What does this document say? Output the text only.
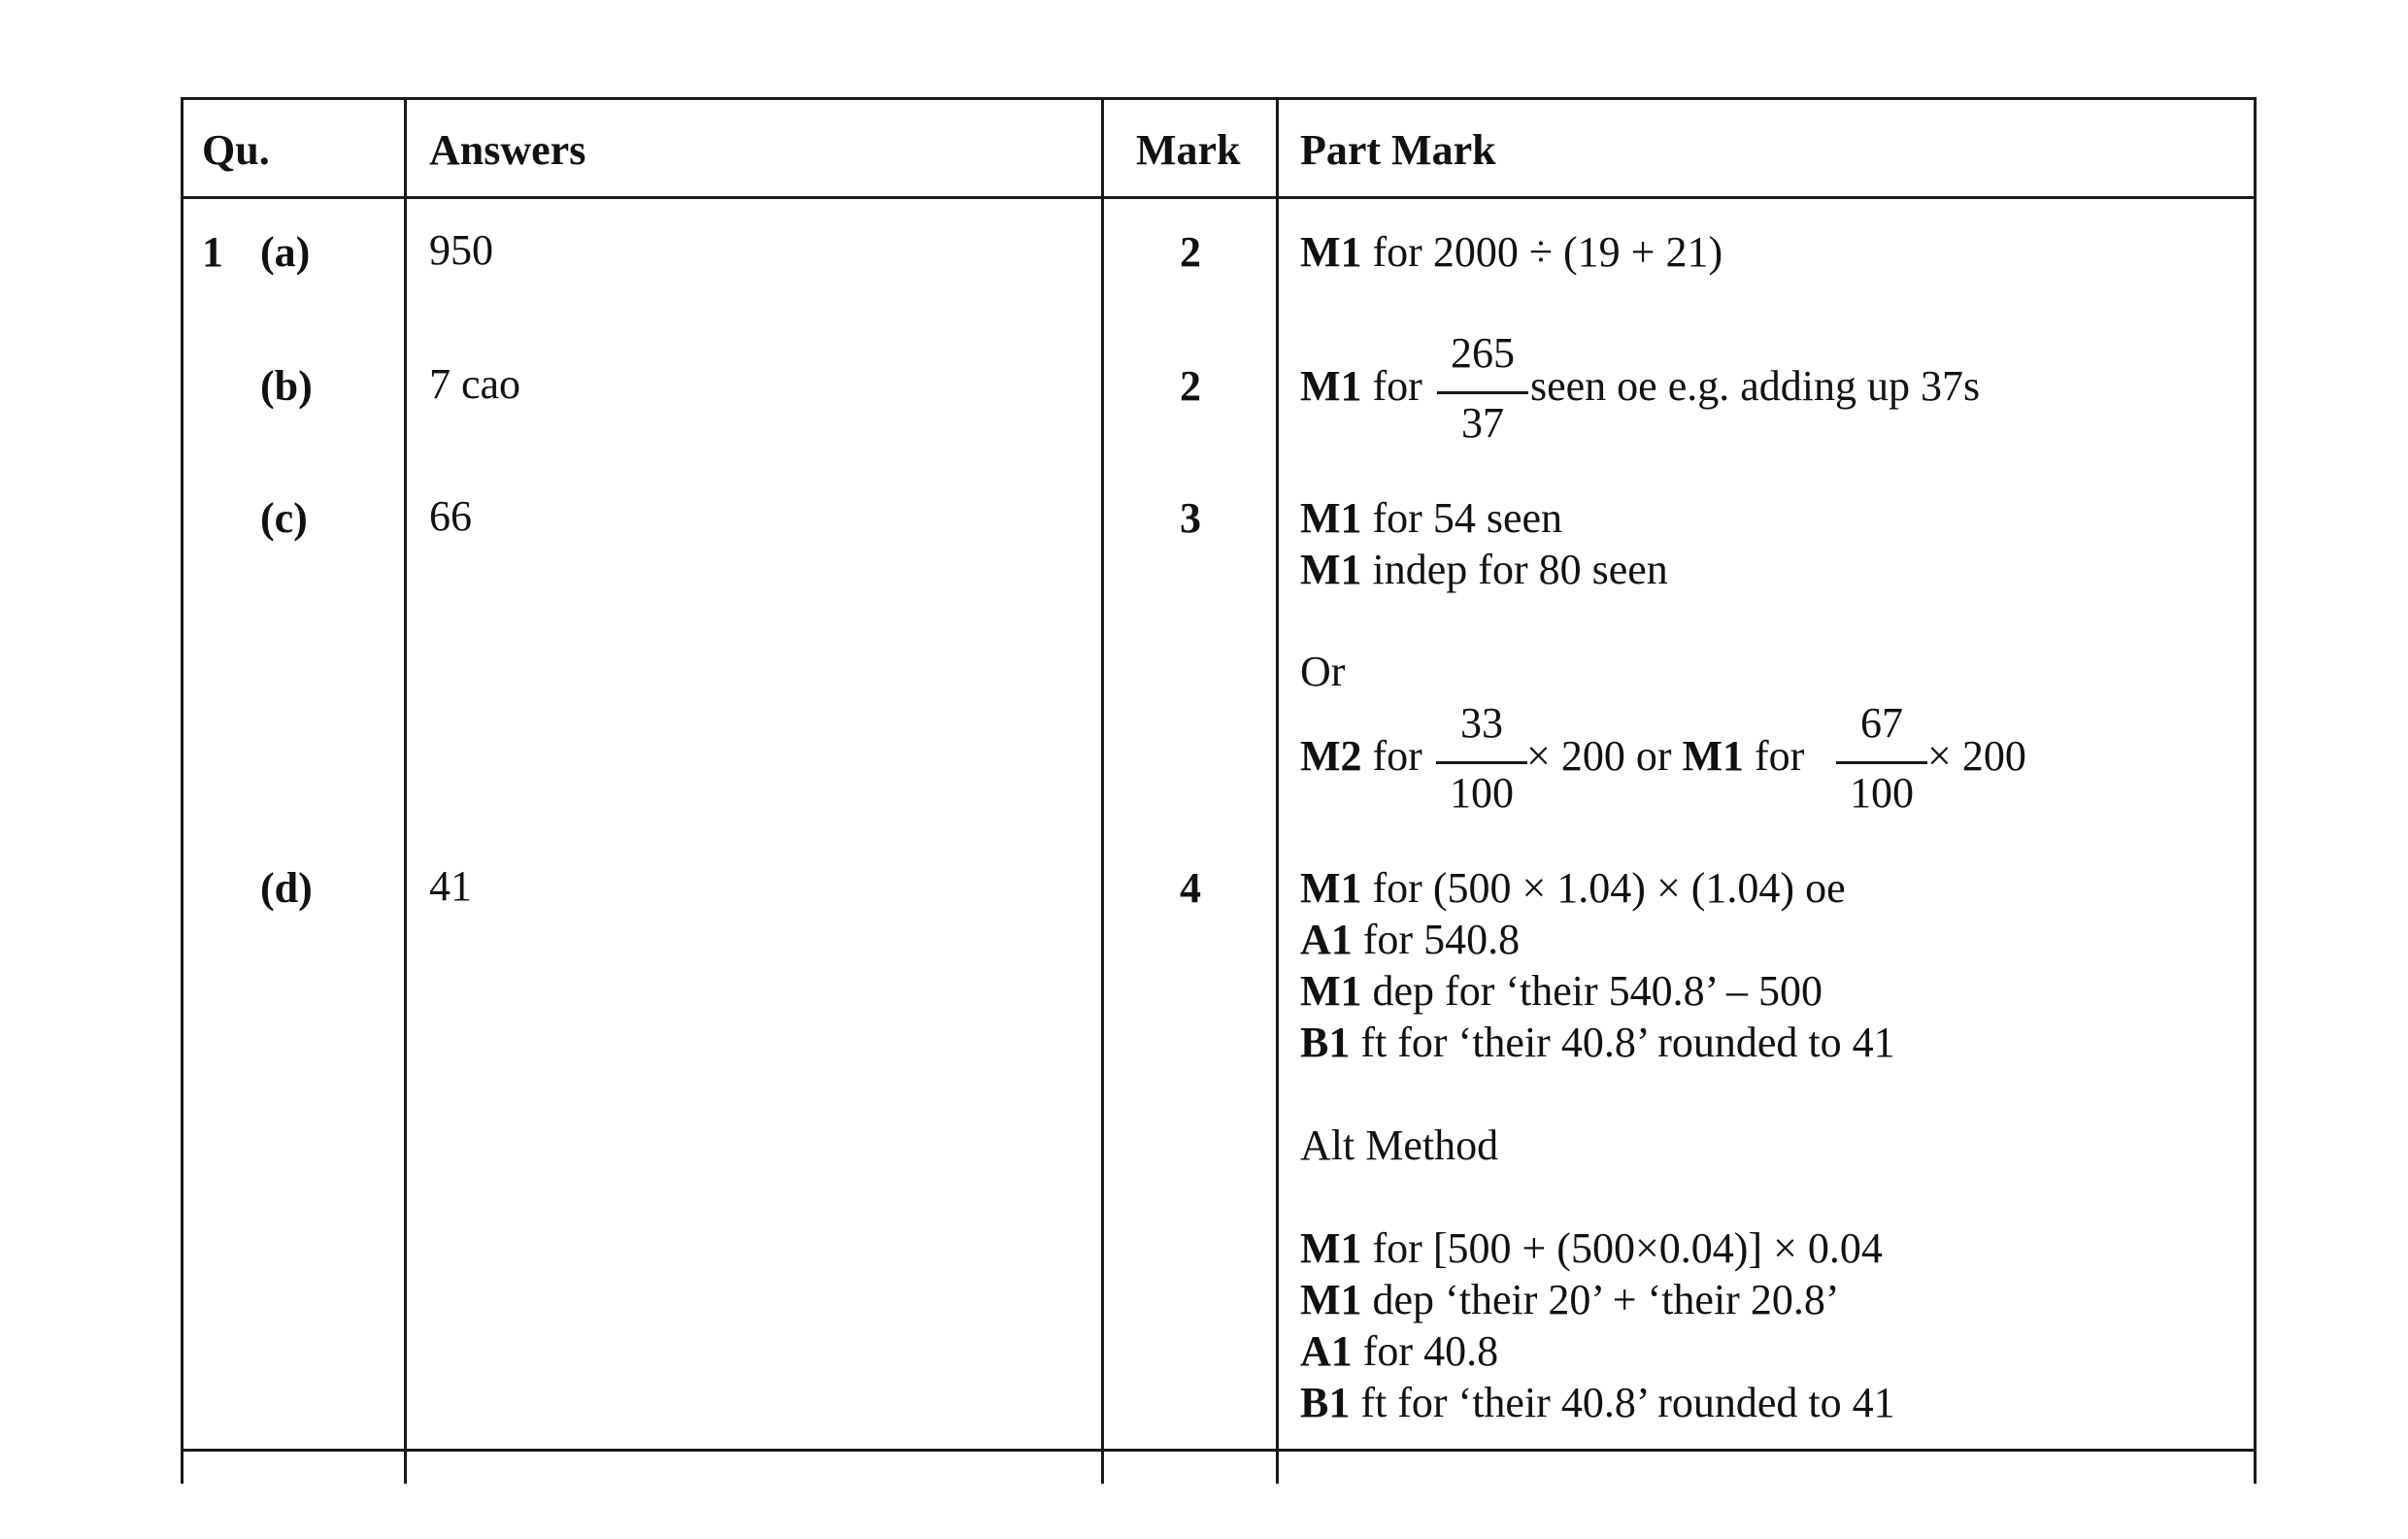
Qu.	Answers	Mark Part Mark
1 (a)	950	2 M1 for 2000 ÷ (19 + 21)
(b)	7 cao	2 M1 for
265
37
seen oe e.g. adding up 37s
(c)	66	3 M1 for 54 seen
M1 indep for 80 seen
Or
M2 for
33
100
× 200 or M1 for
67
100
× 200
(d)	41	4 M1 for (500 × 1.04) × (1.04) oe
A1 for 540.8
M1 dep for ‘their 540.8’ – 500
B1 ft for ‘their 40.8’ rounded to 41
Alt Method
M1 for [500 + (500×0.04)] × 0.04
M1 dep ‘their 20’ + ‘their 20.8’
A1 for 40.8
B1 ft for ‘their 40.8’ rounded to 41
